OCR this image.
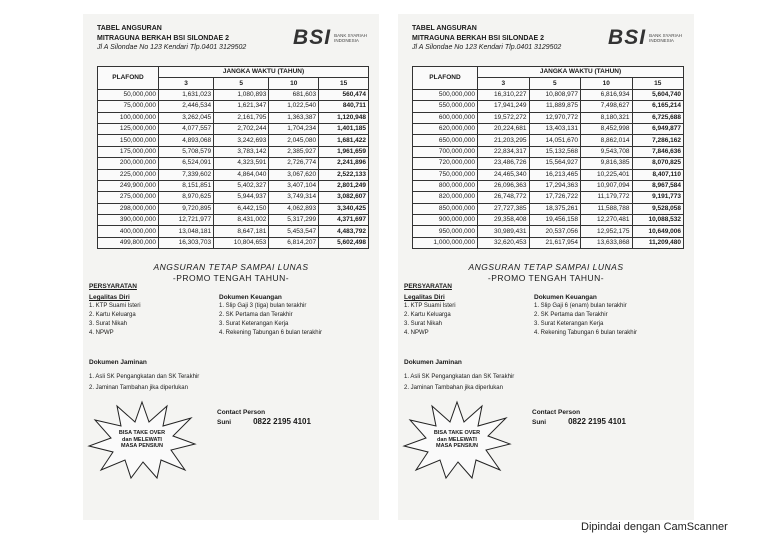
TABEL ANGSURAN
MITRAGUNA BERKAH BSI SILONDAE 2
Jl A Silondae No 123 Kendari Tlp.0401 3129502 BSI BANK SYARIAH
INDONESIA
PLAFOND	JANGKA WAKTU (TAHUN)			
	3	5	10	15
50,000,000	1,631,023	1,080,893	681,603	560,474
75,000,000	2,446,534	1,621,347	1,022,540	840,711
100,000,000	3,262,045	2,161,795	1,363,387	1,120,948
125,000,000	4,077,557	2,702,244	1,704,234	1,401,185
150,000,000	4,893,068	3,242,693	2,045,080	1,681,422
175,000,000	5,708,579	3,783,142	2,385,927	1,961,659
200,000,000	6,524,091	4,323,591	2,726,774	2,241,896
225,000,000	7,339,602	4,864,040	3,067,620	2,522,133
249,900,000	8,151,851	5,402,327	3,407,104	2,801,249
275,000,000	8,970,625	5,944,937	3,749,314	3,082,607
298,000,000	9,720,895	6,442,150	4,062,893	3,340,425
390,000,000	12,721,977	8,431,002	5,317,299	4,371,697
400,000,000	13,048,181	8,647,181	5,453,547	4,483,792
499,800,000	16,303,703	10,804,653	6,814,207	5,602,498
ANGSURAN TETAP SAMPAI LUNAS
-PROMO TENGAH TAHUN-
PERSYARATAN
Legalitas Diri
1. KTP Suami Isteri
2. Kartu Keluarga
3. Surat Nikah
4. NPWP
Dokumen Keuangan
1. Slip Gaji 3 (tiga) bulan terakhir
2. SK Pertama dan Terakhir
3. Surat Keterangan Kerja
4. Rekening Tabungan 6 bulan terakhir
Dokumen Jaminan
1. Asli SK Pengangkatan dan SK Terakhir
2. Jaminan Tambahan jika diperlukan
BISA TAKE OVER
dan MELEWATI
MASA PENSIUN
Contact Person
Suni	0822 2195 4101
TABEL ANGSURAN
MITRAGUNA BERKAH BSI SILONDAE 2
Jl A Silondae No 123 Kendari Tlp.0401 3129502 BSI BANK SYARIAH
INDONESIA
PLAFOND	JANGKA WAKTU (TAHUN)			
	3	5	10	15
500,000,000	16,310,227	10,808,977	6,816,934	5,604,740
550,000,000	17,941,249	11,889,875	7,498,627	6,165,214
600,000,000	19,572,272	12,970,772	8,180,321	6,725,688
620,000,000	20,224,681	13,403,131	8,452,998	6,949,877
650,000,000	21,203,295	14,051,670	8,862,014	7,286,162
700,000,000	22,834,317	15,132,568	9,543,708	7,846,636
720,000,000	23,486,726	15,564,927	9,816,385	8,070,825
750,000,000	24,465,340	16,213,465	10,225,401	8,407,110
800,000,000	26,096,363	17,294,363	10,907,094	8,967,584
820,000,000	26,748,772	17,726,722	11,179,772	9,191,773
850,000,000	27,727,385	18,375,261	11,588,788	9,528,058
900,000,000	29,358,408	19,456,158	12,270,481	10,088,532
950,000,000	30,989,431	20,537,056	12,952,175	10,649,006
1,000,000,000	32,620,453	21,617,954	13,633,868	11,209,480
ANGSURAN TETAP SAMPAI LUNAS
-PROMO TENGAH TAHUN-
PERSYARATAN
Legalitas Diri
1. KTP Suami Isteri
2. Kartu Keluarga
3. Surat Nikah
4. NPWP
Dokumen Keuangan
1. Slip Gaji 6 (enam) bulan terakhir
2. SK Pertama dan Terakhir
3. Surat Keterangan Kerja
4. Rekening Tabungan 6 bulan terakhir
Dokumen Jaminan
1. Asli SK Pengangkatan dan SK Terakhir
2. Jaminan Tambahan jika diperlukan
BISA TAKE OVER
dan MELEWATI
MASA PENSIUN
Contact Person
Suni	0822 2195 4101
Dipindai dengan CamScanner
